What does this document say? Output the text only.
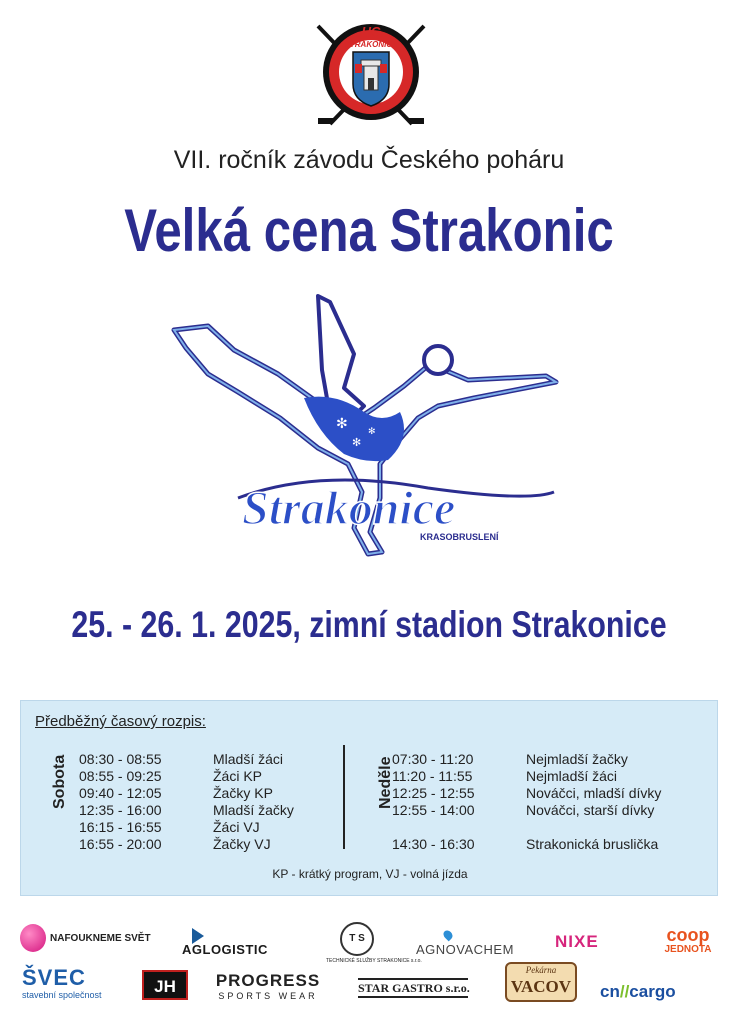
HC
STRAKONICE
VII. ročník závodu Českého poháru
Velká cena Strakonic
✻
✻
✻
Strakonice
KRASOBRUSLENÍ
25. - 26. 1. 2025, zimní stadion Strakonice
Předběžný časový rozpis:
Sobota 08:30 - 08:55	Mladší žáci
08:55 - 09:25	Žáci KP
09:40 - 12:05	Žačky KP
12:35 - 16:00	Mladší žačky
16:15 - 16:55	Žáci VJ
16:55 - 20:00	Žačky VJ
Neděle
07:30 - 11:20	Nejmladší žačky
11:20 - 11:55	Nejmladší žáci
12:25 - 12:55	Nováčci, mladší dívky
12:55 - 14:00	Nováčci, starší dívky
14:30 - 16:30	Strakonická bruslička
KP - krátký program, VJ - volná jízda
NAFOUKNEME SVĚT
AGLOGISTIC
T S
TECHNICKÉ SLUŽBY STRAKONICE s.r.o.
AGNOVACHEM NIXE	coop
JEDNOTA
ŠVEC
stavební společnost	JH	PROGRESS
SPORTS WEAR
STAR GASTRO s.r.o.
Pekárna
VACOV cn//cargo
